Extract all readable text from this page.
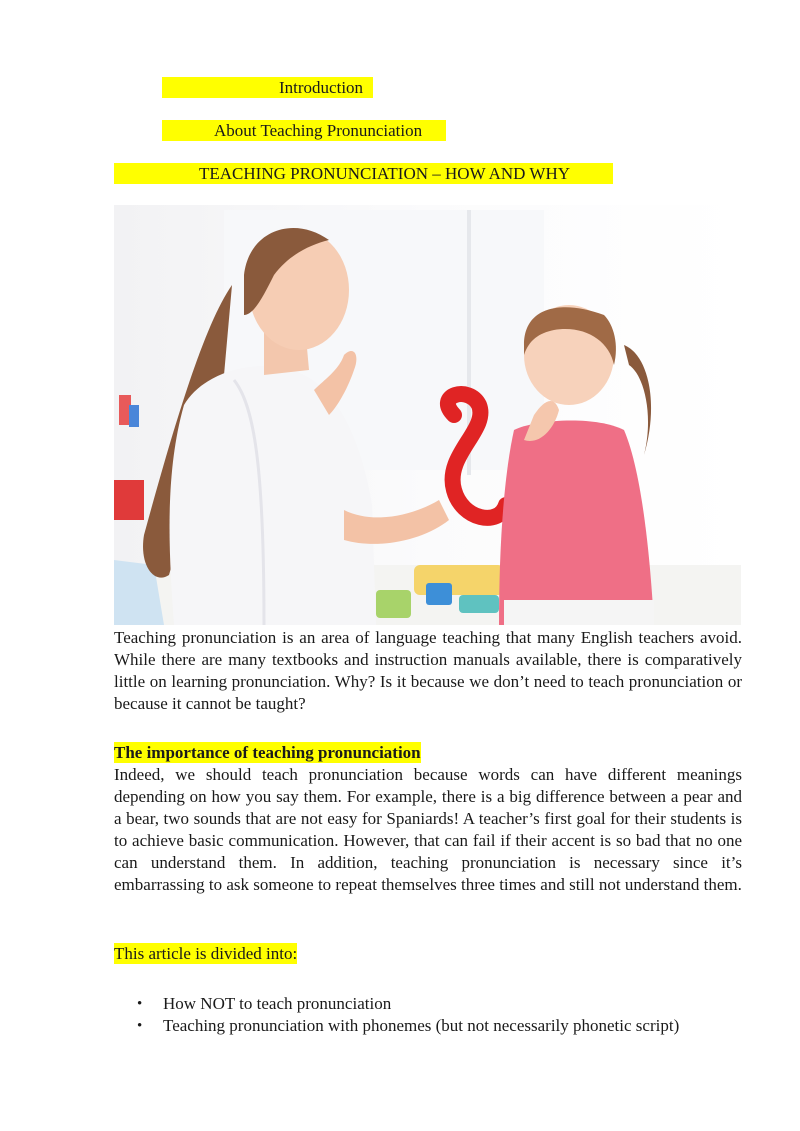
Introduction
About Teaching Pronunciation
TEACHING PRONUNCIATION – HOW AND WHY

Teaching pronunciation is an area of language teaching that many English teachers avoid. While there are many textbooks and instruction manuals available, there is comparatively little on learning pronunciation. Why? Is it because we don’t need to teach pronunciation or because it cannot be taught?

The importance of teaching pronunciation

Indeed, we should teach pronunciation because words can have different meanings depending on how you say them. For example, there is a big difference between a pear and a bear, two sounds that are not easy for Spaniards! A teacher’s first goal for their students is to achieve basic communication. However, that can fail if their accent is so bad that no one can understand them. In addition, teaching pronunciation is necessary since it’s embarrassing to ask someone to repeat themselves three times and still not understand them.

This article is divided into:

• How NOT to teach pronunciation
• Teaching pronunciation with phonemes (but not necessarily phonetic script)
